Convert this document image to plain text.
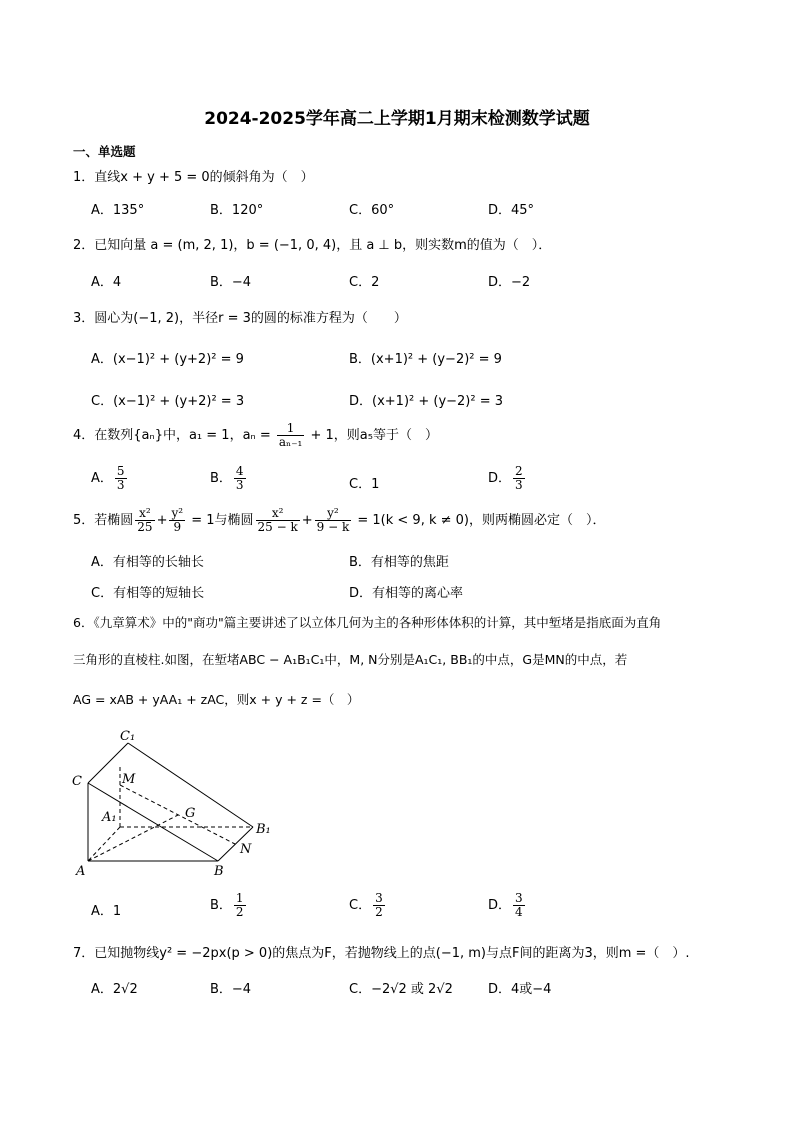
2024-2025学年高二上学期1月期末检测数学试题
一、单选题
1．直线x + y + 5 = 0的倾斜角为（　）
A．135°	B．120°	C．60°	D．45°
2．已知向量 a = (m, 2, 1)，b = (−1, 0, 4)，且 a ⊥ b，则实数m的值为（　）．
A．4	B．−4	C．2	D．−2
3．圆心为(−1, 2)，半径r = 3的圆的标准方程为（　　）
A．(x−1)² + (y+2)² = 9	B．(x+1)² + (y−2)² = 9
C．(x−1)² + (y+2)² = 3	D．(x+1)² + (y−2)² = 3
4．在数列{aₙ}中，a₁ = 1，$a_n = \frac{1}{\text{aₙ₋₁}} + 1$，则a₅等于（　）
A． $\frac{5}{3}$	B． $\frac{4}{3}$	C．1	D． $\frac{2}{3}$
5．若椭圆 $\frac{\text{x²}}{25} + \frac{\text{y²}}{9} = 1$与椭圆 $\frac{\text{x²}}{25 - k} + \frac{\text{y²}}{9 - k} = 1(k < 9$, k ≠ 0)，则两椭圆必定（　）．
A．有相等的长轴长	B．有相等的焦距
C．有相等的短轴长	D．有相等的离心率
6．《九章算术》中的"商功"篇主要讲述了以立体几何为主的各种形体体积的计算，其中堑堵是指底面为直角
三角形的直棱柱.如图，在堑堵ABC − A₁B₁C₁中，M, N分别是A₁C₁, BB₁的中点，G是MN的中点，若
AG = xAB + yAA₁ + zAC，则x + y + z =（　）
C₁
C	M
G
A₁
B₁
N
A	B
A．1	B． $\frac{1}{2}$	C． $\frac{3}{2}$	D． $\frac{3}{4}$
7．已知抛物线y² = −2px(p > 0)的焦点为F，若抛物线上的点(−1, m)与点F间的距离为3，则m =（　）.
A．2√2	B．−4	C．−2√2 或 2√2	D．4或−4
